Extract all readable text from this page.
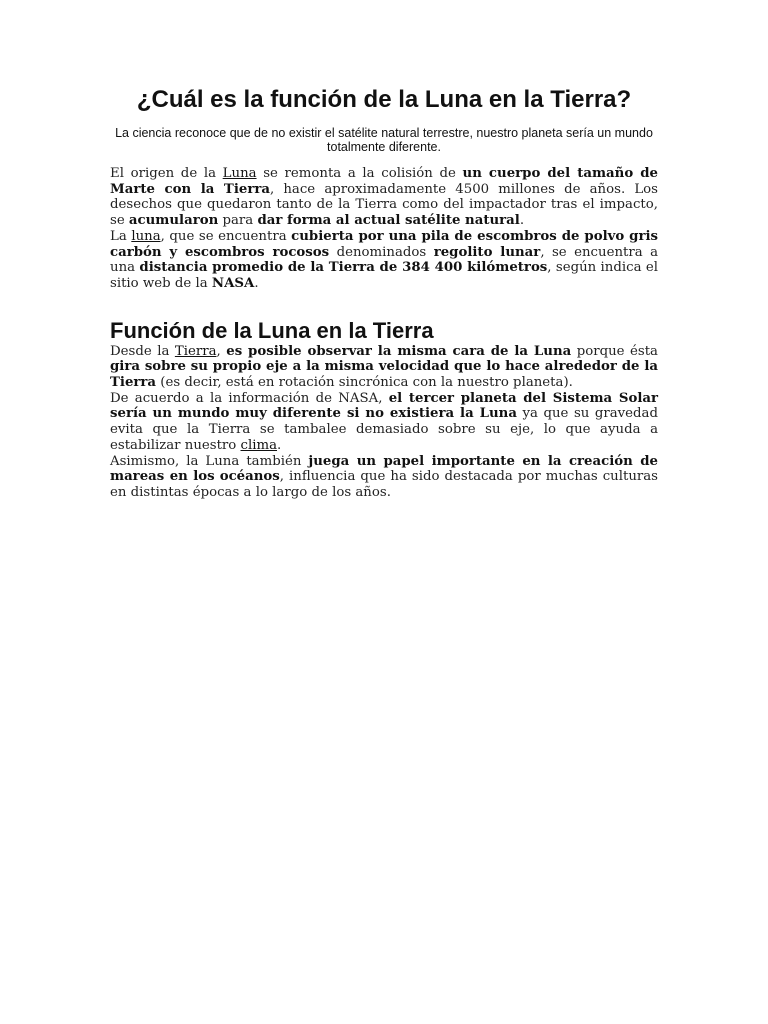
¿Cuál es la función de la Luna en la Tierra?

La ciencia reconoce que de no existir el satélite natural terrestre, nuestro planeta sería un mundo totalmente diferente.

El origen de la Luna se remonta a la colisión de un cuerpo del tamaño de Marte con la Tierra, hace aproximadamente 4500 millones de años. Los desechos que quedaron tanto de la Tierra como del impactador tras el impacto, se acumularon para dar forma al actual satélite natural.

La luna, que se encuentra cubierta por una pila de escombros de polvo gris carbón y escombros rocosos denominados regolito lunar, se encuentra a una distancia promedio de la Tierra de 384 400 kilómetros, según indica el sitio web de la NASA.

Función de la Luna en la Tierra

Desde la Tierra, es posible observar la misma cara de la Luna porque ésta gira sobre su propio eje a la misma velocidad que lo hace alrededor de la Tierra (es decir, está en rotación sincrónica con la nuestro planeta).

De acuerdo a la información de NASA, el tercer planeta del Sistema Solar sería un mundo muy diferente si no existiera la Luna ya que su gravedad evita que la Tierra se tambalee demasiado sobre su eje, lo que ayuda a estabilizar nuestro clima.

Asimismo, la Luna también juega un papel importante en la creación de mareas en los océanos, influencia que ha sido destacada por muchas culturas en distintas épocas a lo largo de los años.
